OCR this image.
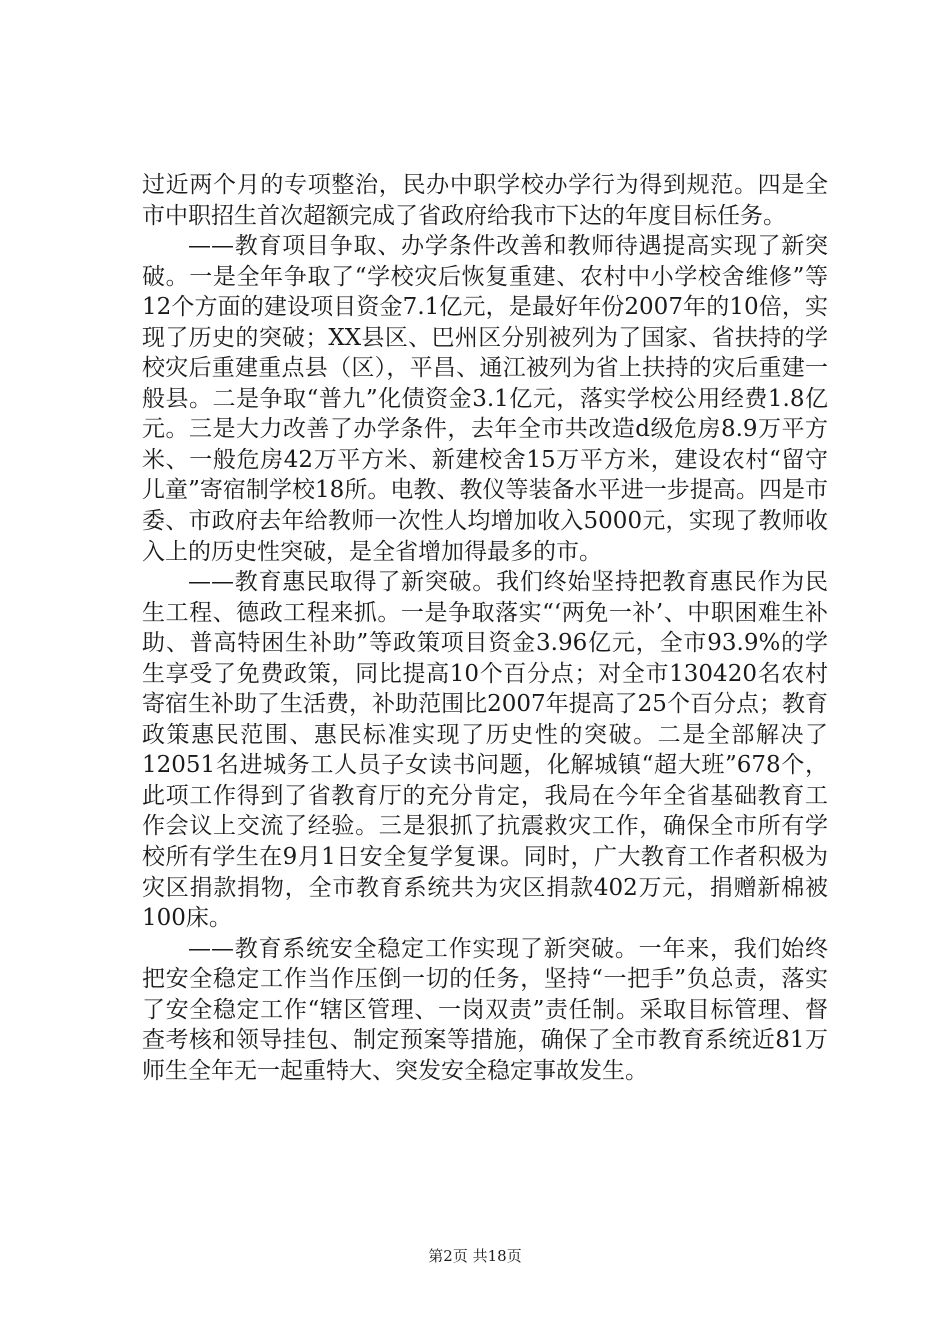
过近两个月的专项整治，民办中职学校办学行为得到规范。四是全市中职招生首次超额完成了省政府给我市下达的年度目标任务。

——教育项目争取、办学条件改善和教师待遇提高实现了新突破。一是全年争取了“学校灾后恢复重建、农村中小学校舍维修”等12个方面的建设项目资金7.1亿元，是最好年份2007年的10倍，实现了历史的突破；XX县区、巴州区分别被列为了国家、省扶持的学校灾后重建重点县（区），平昌、通江被列为省上扶持的灾后重建一般县。二是争取“普九”化债资金3.1亿元，落实学校公用经费1.8亿元。三是大力改善了办学条件，去年全市共改造d级危房8.9万平方米、一般危房42万平方米、新建校舍15万平方米，建设农村“留守儿童”寄宿制学校18所。电教、教仪等装备水平进一步提高。四是市委、市政府去年给教师一次性人均增加收入5000元，实现了教师收入上的历史性突破，是全省增加得最多的市。

——教育惠民取得了新突破。我们终始坚持把教育惠民作为民生工程、德政工程来抓。一是争取落实“‘两免一补’、中职困难生补助、普高特困生补助”等政策项目资金3.96亿元，全市93.9%的学生享受了免费政策，同比提高10个百分点；对全市130420名农村寄宿生补助了生活费，补助范围比2007年提高了25个百分点；教育政策惠民范围、惠民标准实现了历史性的突破。二是全部解决了12051名进城务工人员子女读书问题，化解城镇“超大班”678个，此项工作得到了省教育厅的充分肯定，我局在今年全省基础教育工作会议上交流了经验。三是狠抓了抗震救灾工作，确保全市所有学校所有学生在9月1日安全复学复课。同时，广大教育工作者积极为灾区捐款捐物，全市教育系统共为灾区捐款402万元，捐赠新棉被100床。

——教育系统安全稳定工作实现了新突破。一年来，我们始终把安全稳定工作当作压倒一切的任务，坚持“一把手”负总责，落实了安全稳定工作“辖区管理、一岗双责”责任制。采取目标管理、督查考核和领导挂包、制定预案等措施，确保了全市教育系统近81万师生全年无一起重特大、突发安全稳定事故发生。

第2页 共18页
